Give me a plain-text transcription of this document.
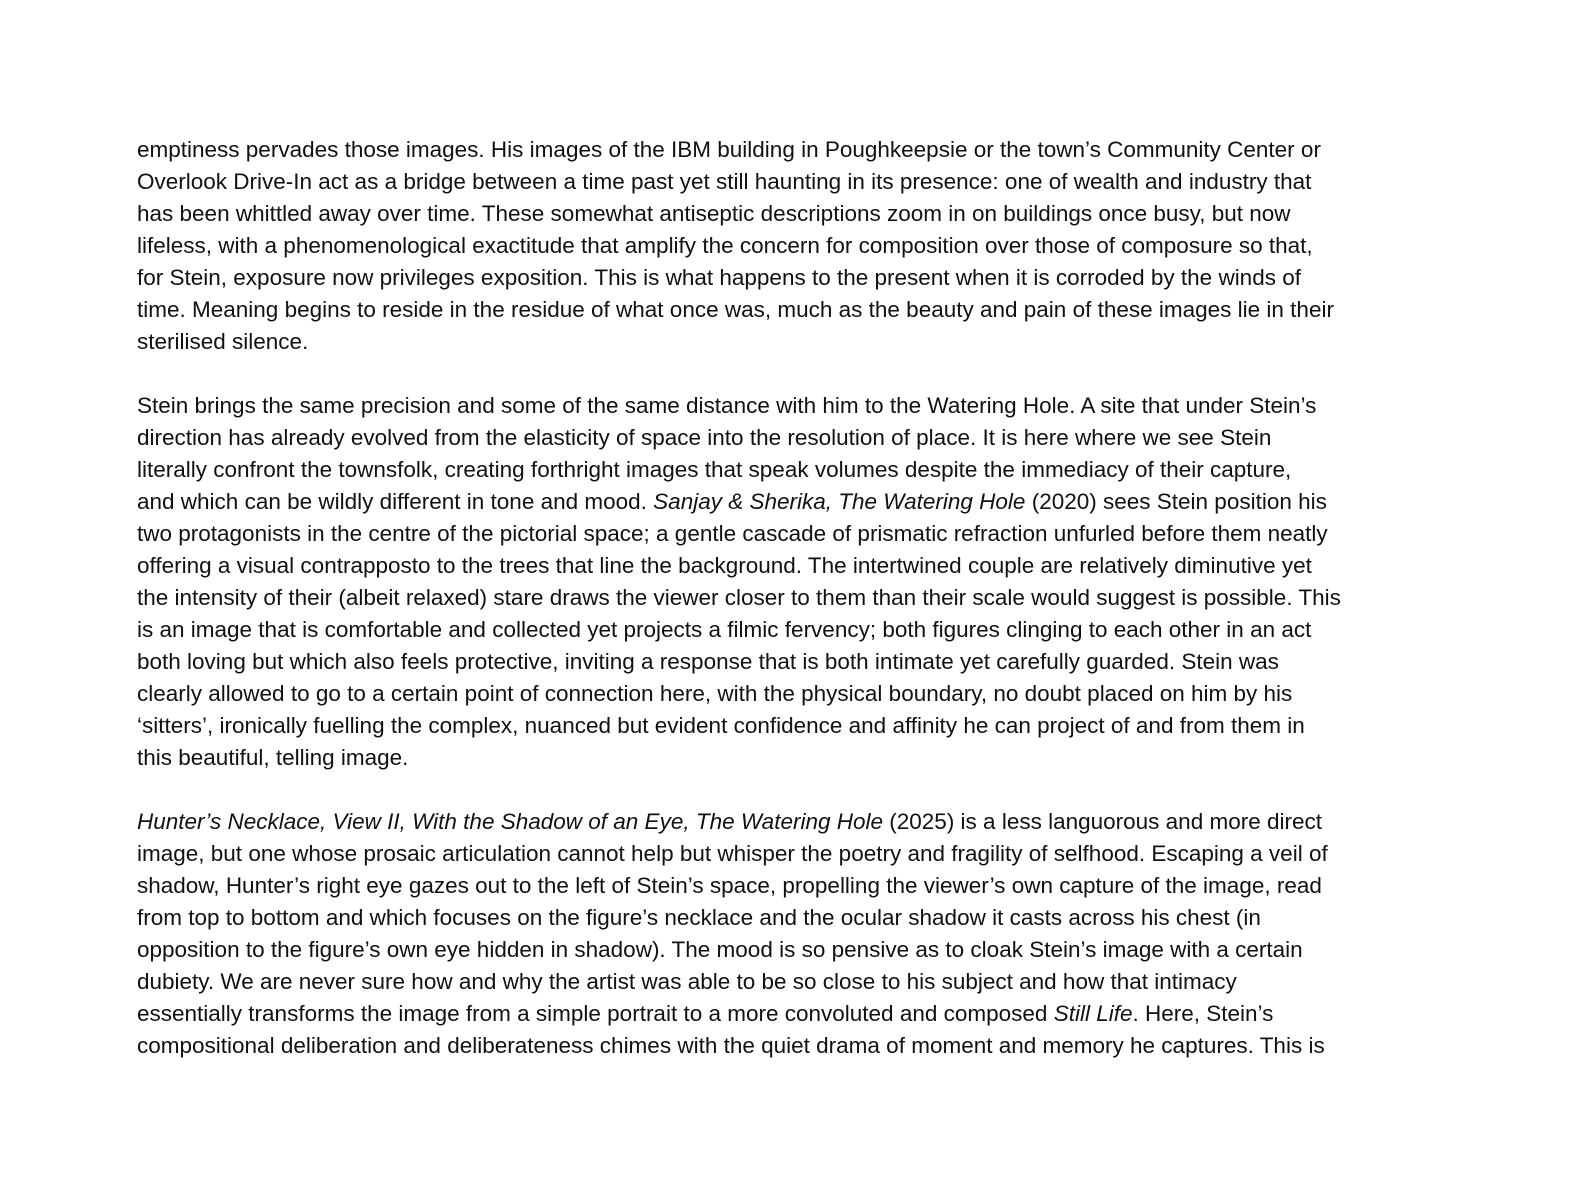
emptiness pervades those images. His images of the IBM building in Poughkeepsie or the town’s Community Center or
Overlook Drive-In act as a bridge between a time past yet still haunting in its presence: one of wealth and industry that
has been whittled away over time. These somewhat antiseptic descriptions zoom in on buildings once busy, but now
lifeless, with a phenomenological exactitude that amplify the concern for composition over those of composure so that,
for Stein, exposure now privileges exposition. This is what happens to the present when it is corroded by the winds of
time. Meaning begins to reside in the residue of what once was, much as the beauty and pain of these images lie in their
sterilised silence.

Stein brings the same precision and some of the same distance with him to the Watering Hole. A site that under Stein’s
direction has already evolved from the elasticity of space into the resolution of place. It is here where we see Stein
literally confront the townsfolk, creating forthright images that speak volumes despite the immediacy of their capture,
and which can be wildly different in tone and mood. Sanjay & Sherika, The Watering Hole (2020) sees Stein position his
two protagonists in the centre of the pictorial space; a gentle cascade of prismatic refraction unfurled before them neatly
offering a visual contrapposto to the trees that line the background. The intertwined couple are relatively diminutive yet
the intensity of their (albeit relaxed) stare draws the viewer closer to them than their scale would suggest is possible. This
is an image that is comfortable and collected yet projects a filmic fervency; both figures clinging to each other in an act
both loving but which also feels protective, inviting a response that is both intimate yet carefully guarded. Stein was
clearly allowed to go to a certain point of connection here, with the physical boundary, no doubt placed on him by his
‘sitters’, ironically fuelling the complex, nuanced but evident confidence and affinity he can project of and from them in
this beautiful, telling image.

Hunter’s Necklace, View II, With the Shadow of an Eye, The Watering Hole (2025) is a less languorous and more direct
image, but one whose prosaic articulation cannot help but whisper the poetry and fragility of selfhood. Escaping a veil of
shadow, Hunter’s right eye gazes out to the left of Stein’s space, propelling the viewer’s own capture of the image, read
from top to bottom and which focuses on the figure’s necklace and the ocular shadow it casts across his chest (in
opposition to the figure’s own eye hidden in shadow). The mood is so pensive as to cloak Stein’s image with a certain
dubiety. We are never sure how and why the artist was able to be so close to his subject and how that intimacy
essentially transforms the image from a simple portrait to a more convoluted and composed Still Life. Here, Stein’s
compositional deliberation and deliberateness chimes with the quiet drama of moment and memory he captures. This is
